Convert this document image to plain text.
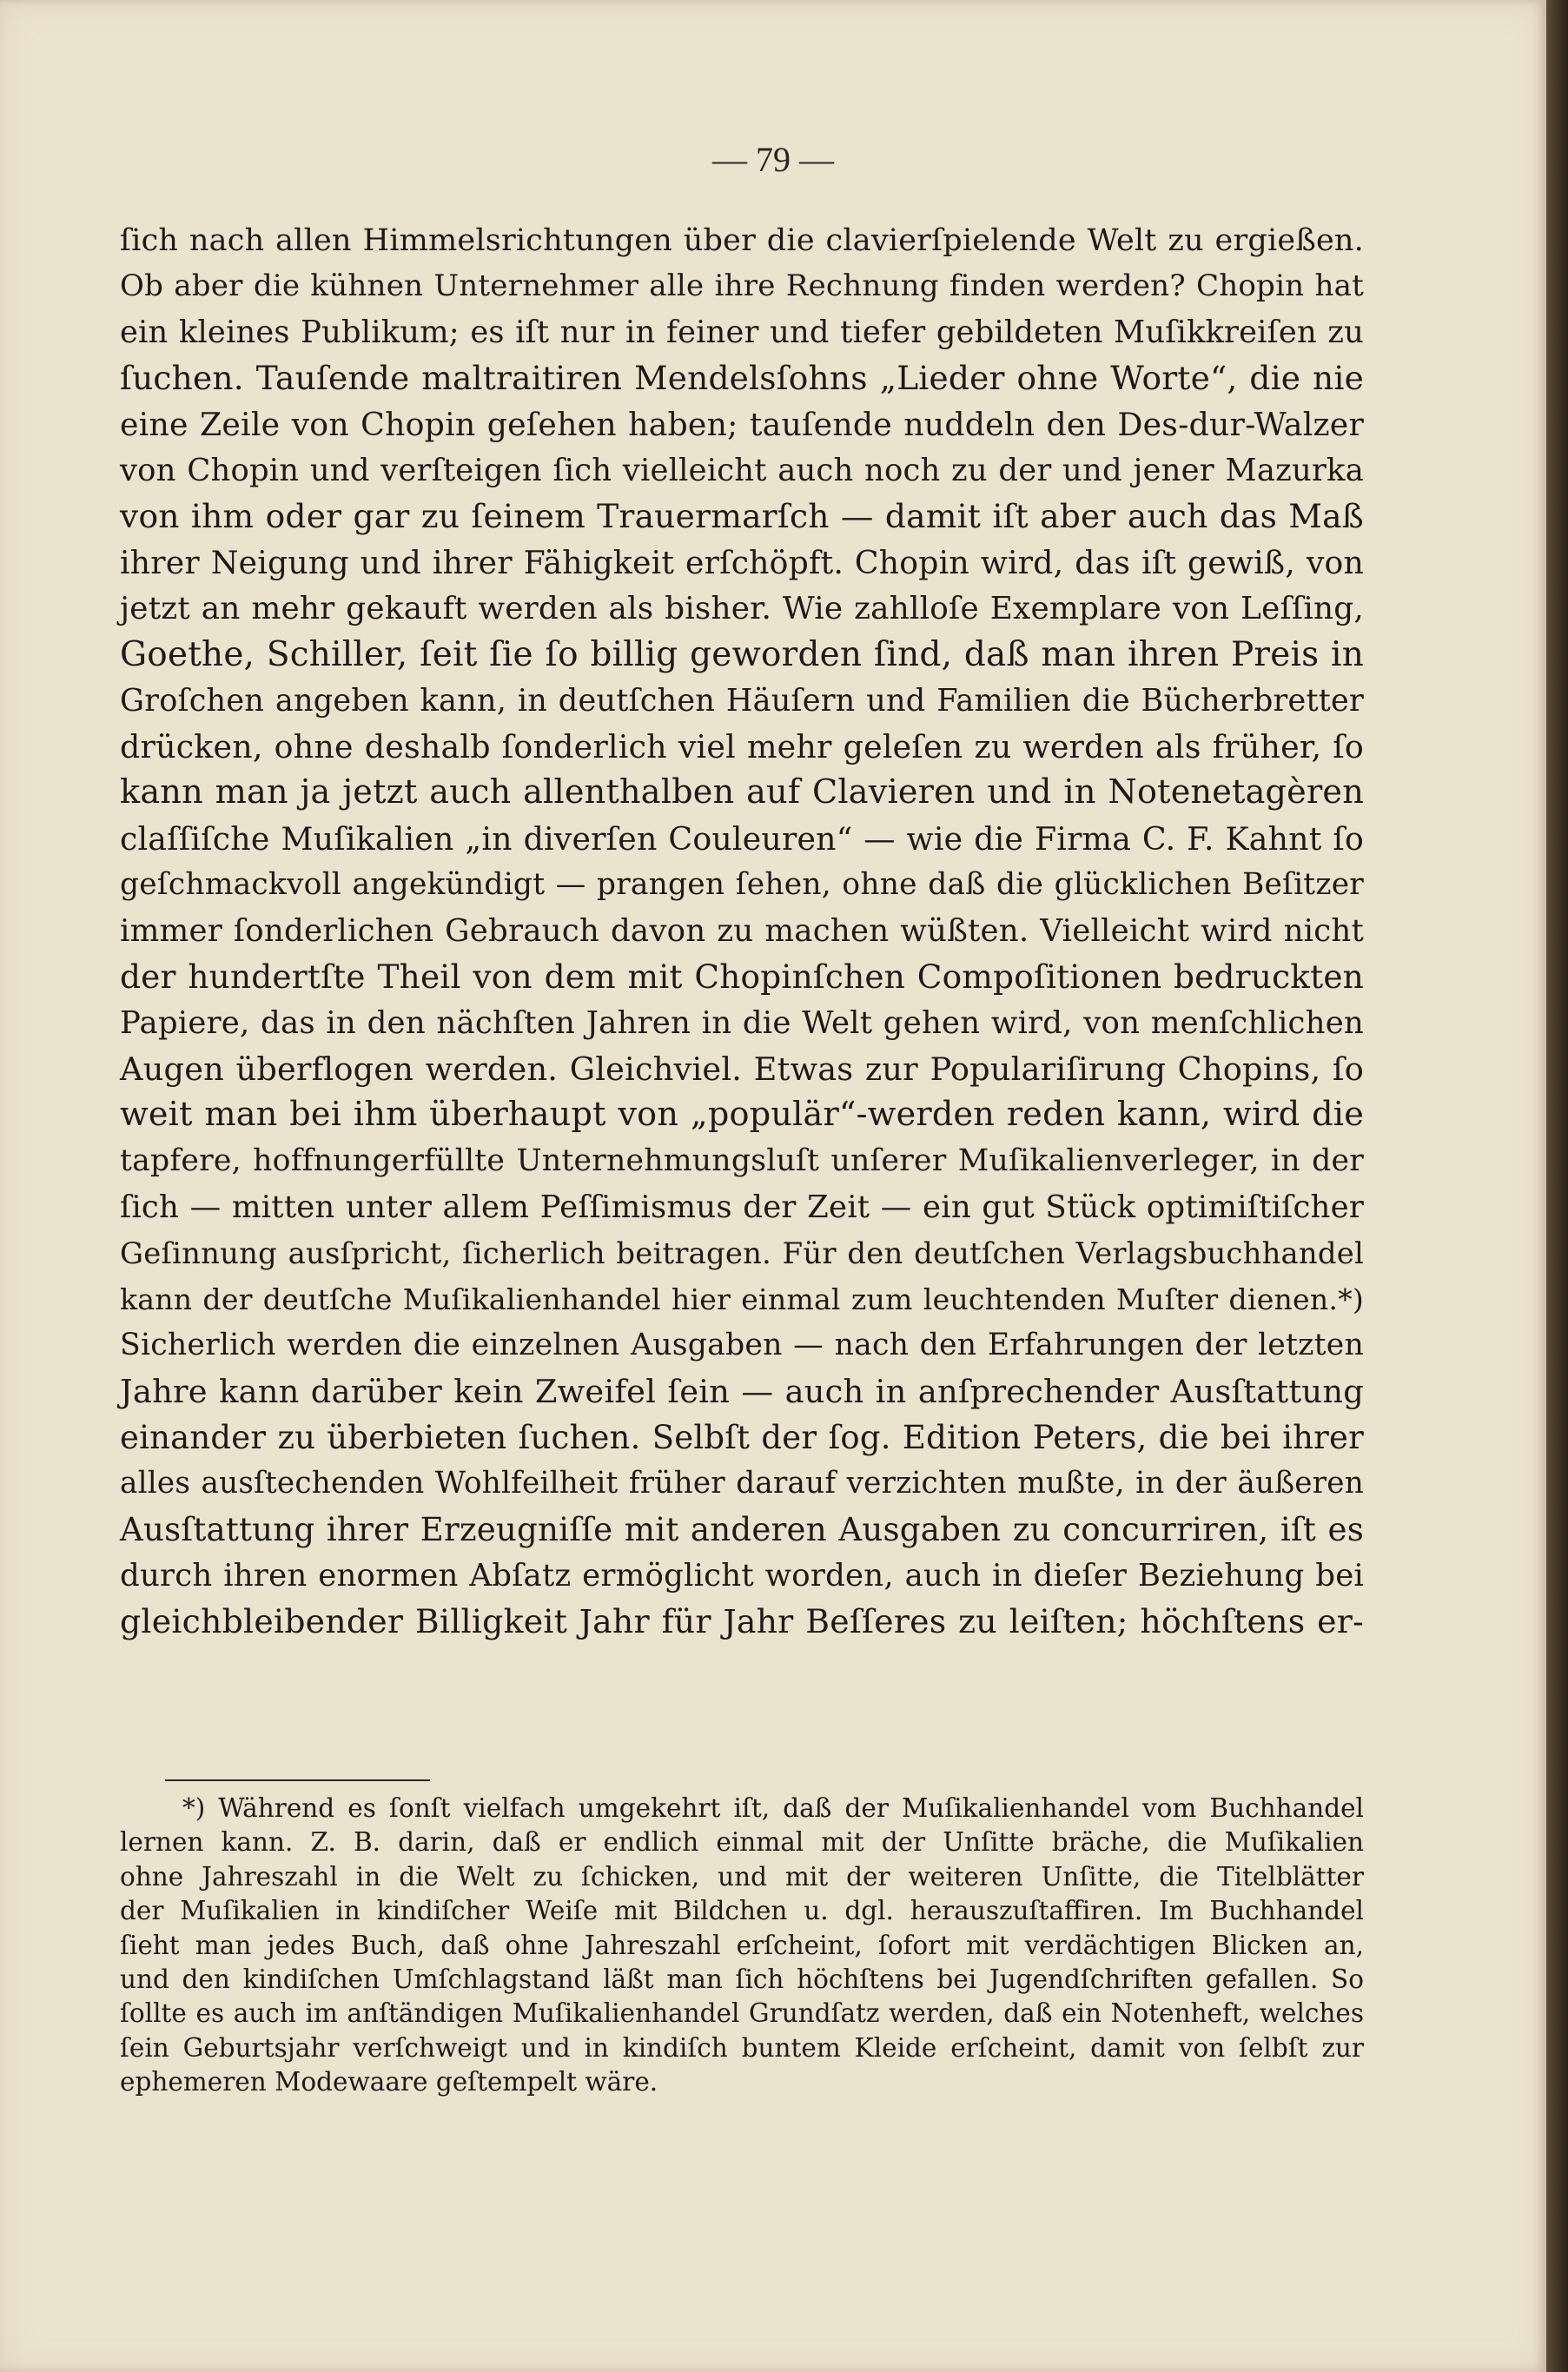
— 79 —
ſich nach allen Himmelsrichtungen über die clavierſpielende Welt zu ergießen.
Ob aber die kühnen Unternehmer alle ihre Rechnung finden werden? Chopin hat
ein kleines Publikum; es iſt nur in feiner und tiefer gebildeten Muſikkreiſen zu
ſuchen. Tauſende maltraitiren Mendelsſohns „Lieder ohne Worte“, die nie
eine Zeile von Chopin geſehen haben; tauſende nuddeln den Des-dur-Walzer
von Chopin und verſteigen ſich vielleicht auch noch zu der und jener Mazurka
von ihm oder gar zu ſeinem Trauermarſch — damit iſt aber auch das Maß
ihrer Neigung und ihrer Fähigkeit erſchöpft. Chopin wird, das iſt gewiß, von
jetzt an mehr gekauft werden als bisher. Wie zahlloſe Exemplare von Leſſing,
Goethe, Schiller, ſeit ſie ſo billig geworden ſind, daß man ihren Preis in
Groſchen angeben kann, in deutſchen Häuſern und Familien die Bücherbretter
drücken, ohne deshalb ſonderlich viel mehr geleſen zu werden als früher, ſo
kann man ja jetzt auch allenthalben auf Clavieren und in Notenetagèren
claſſiſche Muſikalien „in diverſen Couleuren“ — wie die Firma C. F. Kahnt ſo
geſchmackvoll angekündigt — prangen ſehen, ohne daß die glücklichen Beſitzer
immer ſonderlichen Gebrauch davon zu machen wüßten. Vielleicht wird nicht
der hundertſte Theil von dem mit Chopinſchen Compoſitionen bedruckten
Papiere, das in den nächſten Jahren in die Welt gehen wird, von menſchlichen
Augen überflogen werden. Gleichviel. Etwas zur Populariſirung Chopins, ſo
weit man bei ihm überhaupt von „populär“-werden reden kann, wird die
tapfere, hoffnungerfüllte Unternehmungsluſt unſerer Muſikalienverleger, in der
ſich — mitten unter allem Peſſimismus der Zeit — ein gut Stück optimiſtiſcher
Geſinnung ausſpricht, ſicherlich beitragen. Für den deutſchen Verlagsbuchhandel
kann der deutſche Muſikalienhandel hier einmal zum leuchtenden Muſter dienen.*)
Sicherlich werden die einzelnen Ausgaben — nach den Erfahrungen der letzten
Jahre kann darüber kein Zweifel ſein — auch in anſprechender Ausſtattung
einander zu überbieten ſuchen. Selbſt der ſog. Edition Peters, die bei ihrer
alles ausſtechenden Wohlfeilheit früher darauf verzichten mußte, in der äußeren
Ausſtattung ihrer Erzeugniſſe mit anderen Ausgaben zu concurriren, iſt es
durch ihren enormen Abſatz ermöglicht worden, auch in dieſer Beziehung bei
gleichbleibender Billigkeit Jahr für Jahr Beſſeres zu leiſten; höchſtens er-
*) Während es ſonſt vielfach umgekehrt iſt, daß der Muſikalienhandel vom Buchhandel
lernen kann. Z. B. darin, daß er endlich einmal mit der Unſitte bräche, die Muſikalien
ohne Jahreszahl in die Welt zu ſchicken, und mit der weiteren Unſitte, die Titelblätter
der Muſikalien in kindiſcher Weiſe mit Bildchen u. dgl. herauszuſtaffiren. Im Buchhandel
ſieht man jedes Buch, daß ohne Jahreszahl erſcheint, ſofort mit verdächtigen Blicken an,
und den kindiſchen Umſchlagstand läßt man ſich höchſtens bei Jugendſchriften gefallen. So
ſollte es auch im anſtändigen Muſikalienhandel Grundſatz werden, daß ein Notenheft, welches
ſein Geburtsjahr verſchweigt und in kindiſch buntem Kleide erſcheint, damit von ſelbſt zur
ephemeren Modewaare geſtempelt wäre.
